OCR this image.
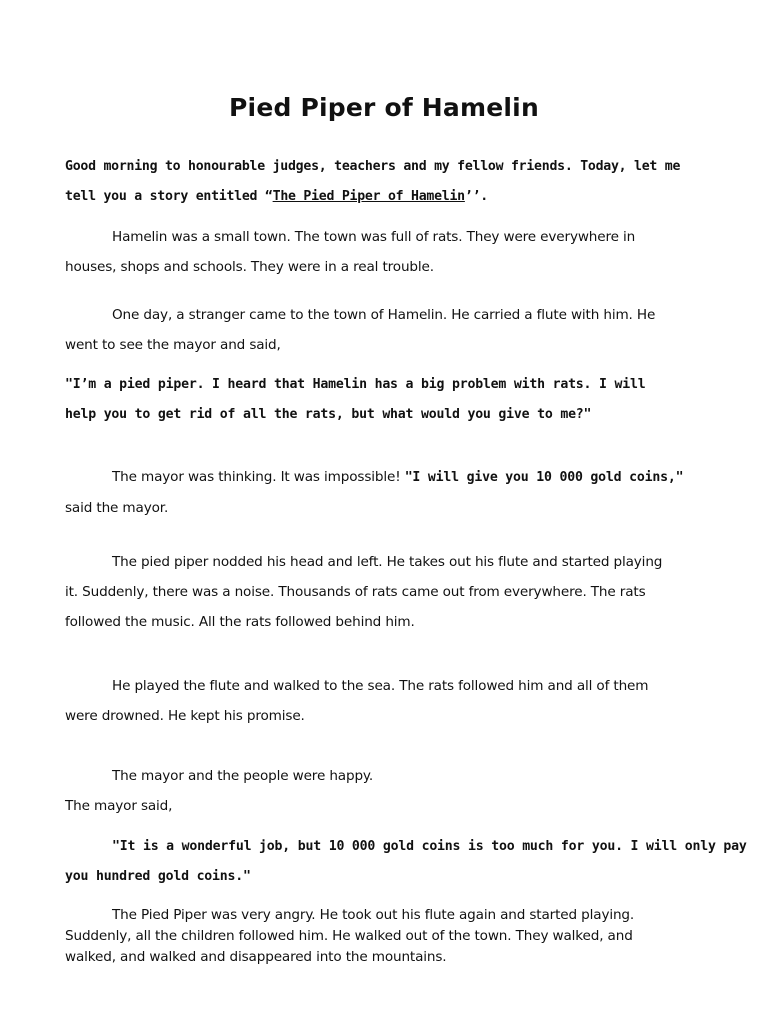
Pied Piper of Hamelin
Good morning to honourable judges, teachers and my fellow friends. Today, let me
tell you a story entitled “The Pied Piper of Hamelin’’.
Hamelin was a small town. The town was full of rats. They were everywhere in
houses, shops and schools. They were in a real trouble.
One day, a stranger came to the town of Hamelin. He carried a flute with him. He
went to see the mayor and said,
"I’m a pied piper. I heard that Hamelin has a big problem with rats. I will
help you to get rid of all the rats, but what would you give to me?"
The mayor was thinking. It was impossible! "I will give you 10 000 gold coins,"
said the mayor.
The pied piper nodded his head and left. He takes out his flute and started playing
it. Suddenly, there was a noise. Thousands of rats came out from everywhere. The rats
followed the music. All the rats followed behind him.
He played the flute and walked to the sea. The rats followed him and all of them
were drowned. He kept his promise.
The mayor and the people were happy.
The mayor said,
"It is a wonderful job, but 10 000 gold coins is too much for you. I will only pay
you hundred gold coins."
The Pied Piper was very angry. He took out his flute again and started playing.
Suddenly, all the children followed him. He walked out of the town. They walked, and
walked, and walked and disappeared into the mountains.
